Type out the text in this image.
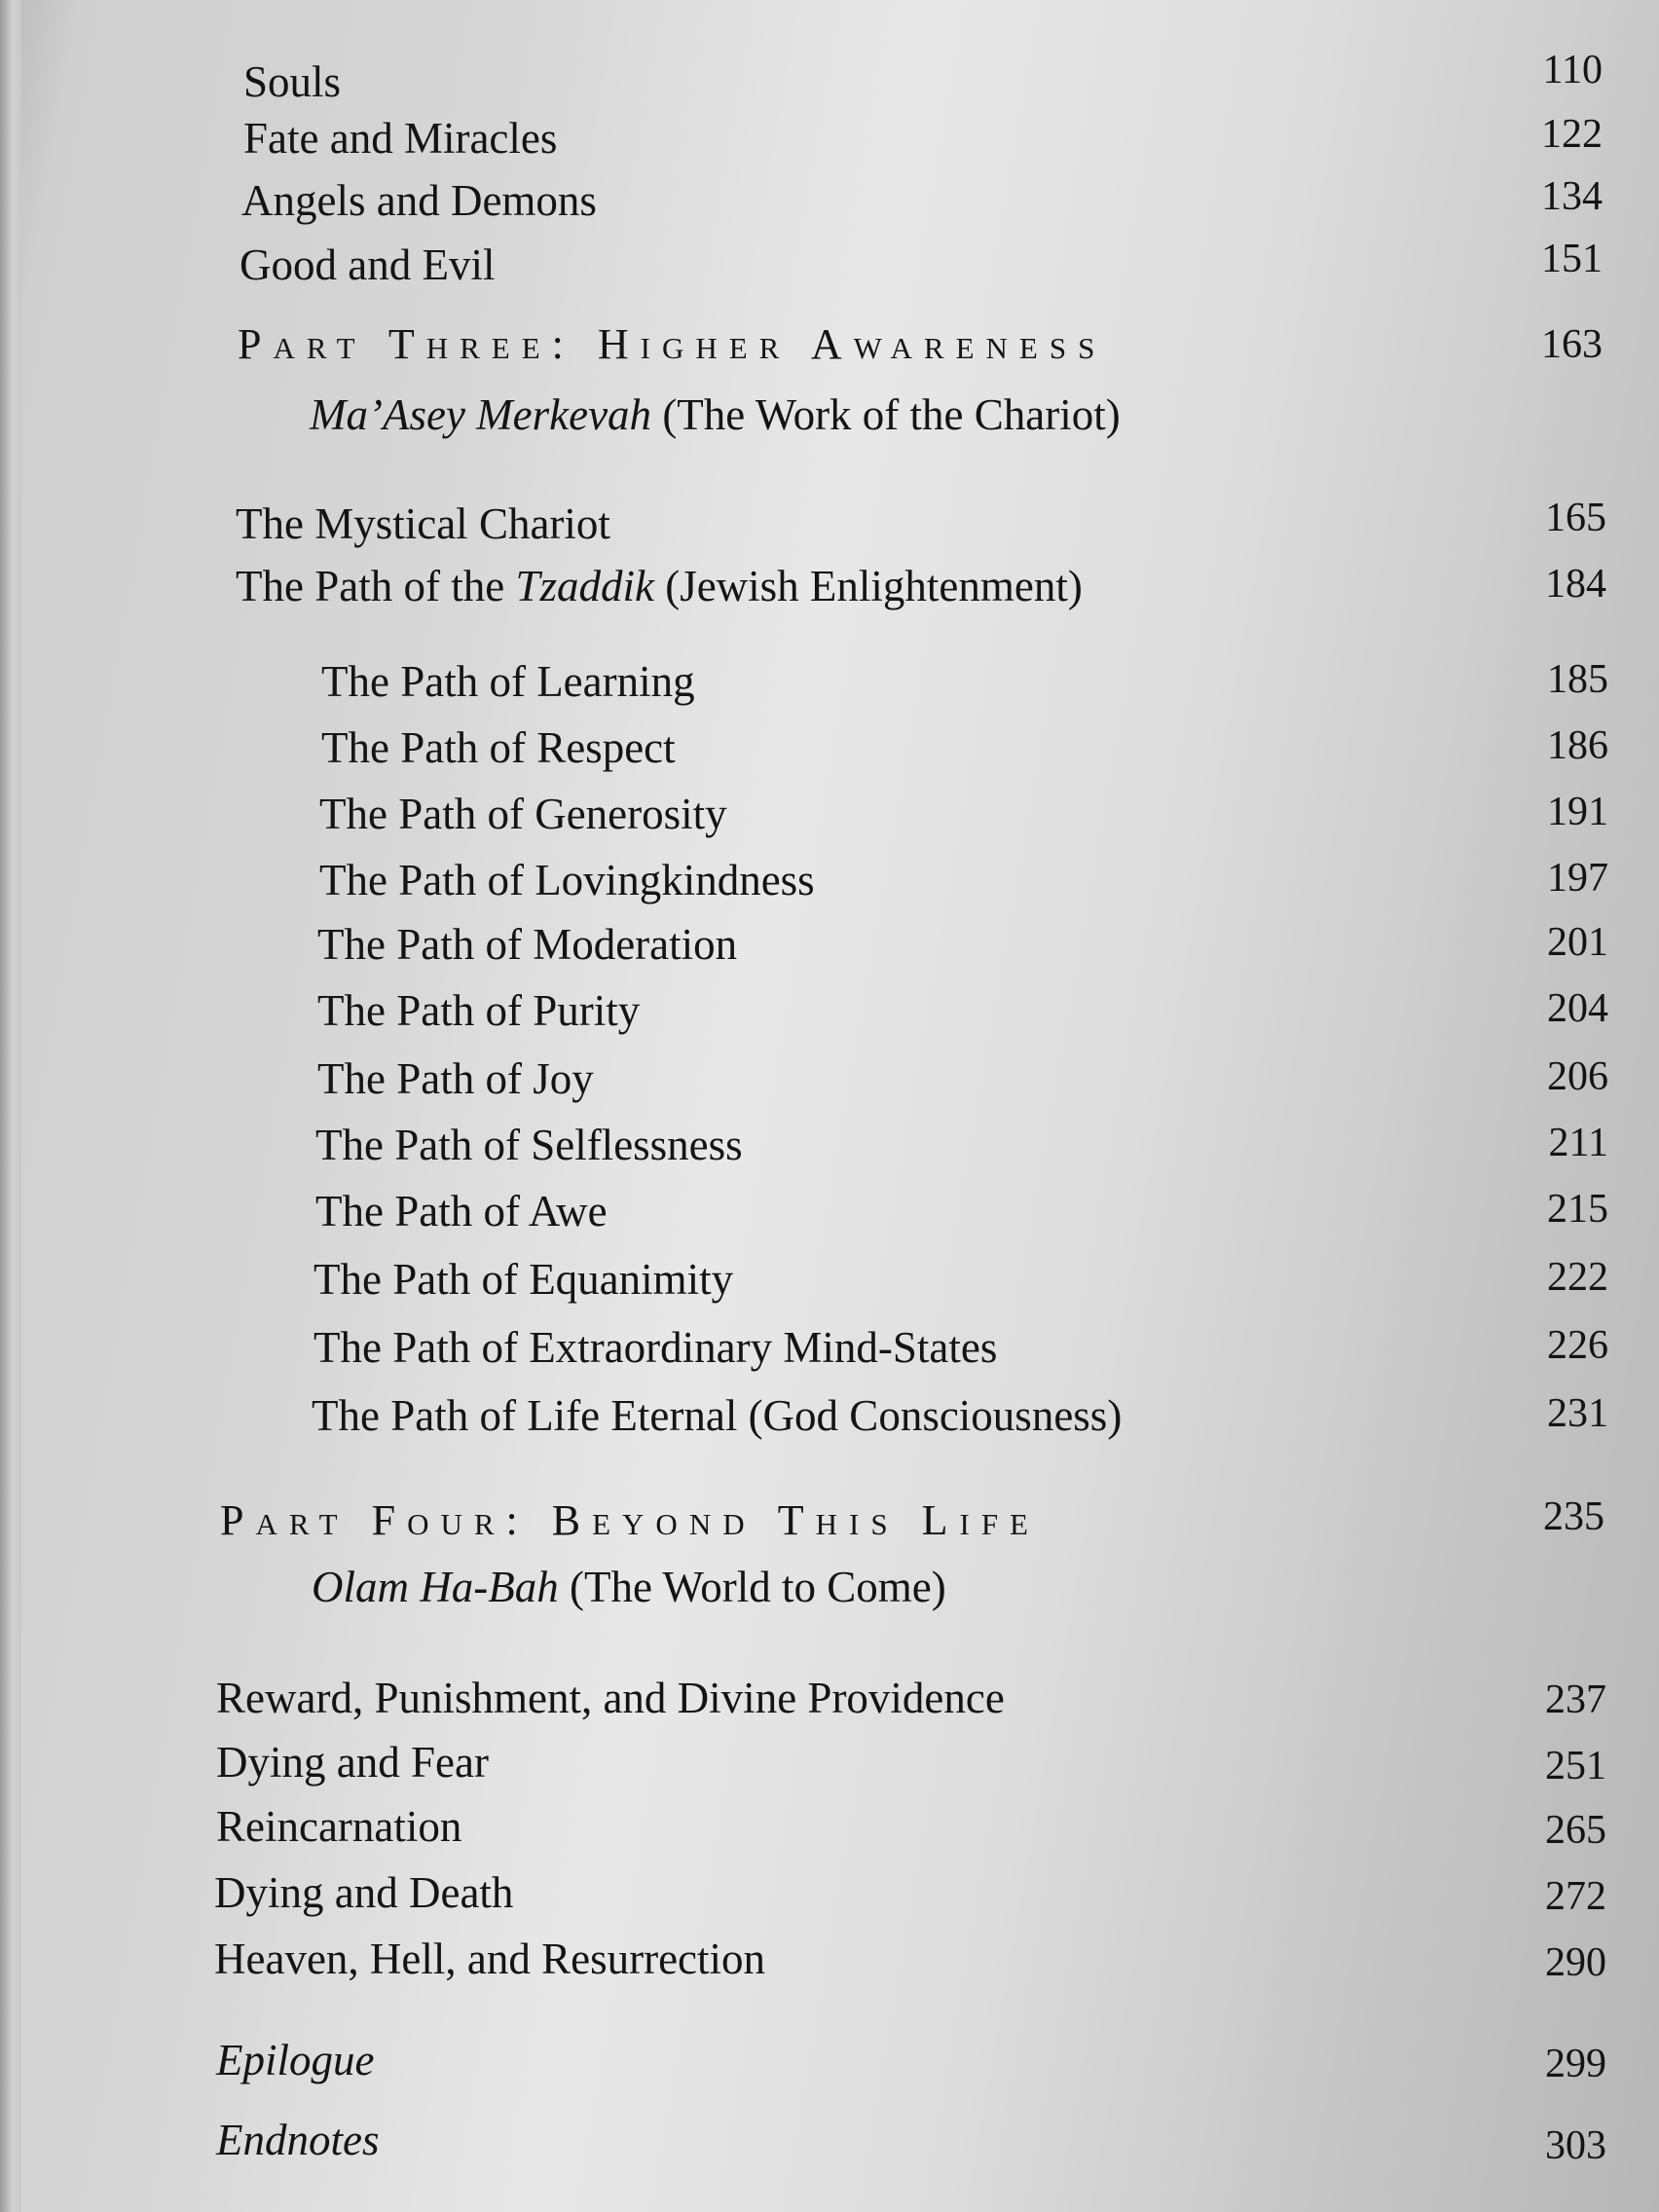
Souls	110
Fate and Miracles	122
Angels and Demons	134
Good and Evil	151
Part Three: Higher Awareness	163
Ma’Asey Merkevah (The Work of the Chariot)
The Mystical Chariot	165
The Path of the Tzaddik (Jewish Enlightenment)	184
The Path of Learning	185
The Path of Respect	186
The Path of Generosity	191
The Path of Lovingkindness	197
The Path of Moderation	201
The Path of Purity	204
The Path of Joy	206
The Path of Selflessness	211
The Path of Awe	215
The Path of Equanimity	222
The Path of Extraordinary Mind-States	226
The Path of Life Eternal (God Consciousness)	231
Part Four: Beyond This Life	235
Olam Ha-Bah (The World to Come)
Reward, Punishment, and Divine Providence	237
Dying and Fear	251
Reincarnation	265
Dying and Death	272
Heaven, Hell, and Resurrection	290
Epilogue	299
Endnotes	303
